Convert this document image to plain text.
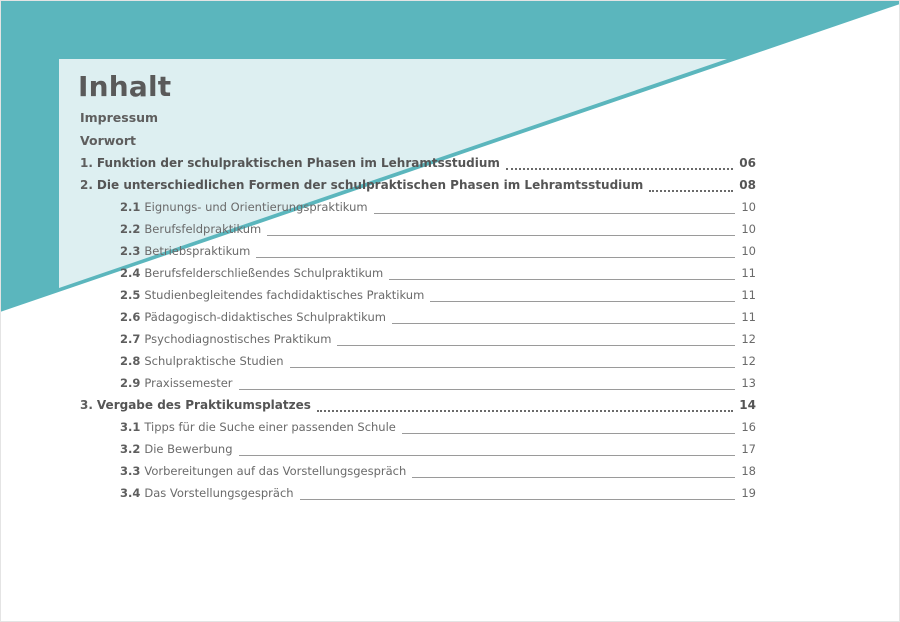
Inhalt
Impressum
Vorwort
1. Funktion der schulpraktischen Phasen im Lehramtsstudium	06
2. Die unterschiedlichen Formen der schulpraktischen Phasen im Lehramtsstudium	08
2.1 Eignungs- und Orientierungspraktikum	10
2.2 Berufsfeldpraktikum	10
2.3 Betriebspraktikum	10
2.4 Berufsfelderschließendes Schulpraktikum	11
2.5 Studienbegleitendes fachdidaktisches Praktikum	11
2.6 Pädagogisch-didaktisches Schulpraktikum	11
2.7 Psychodiagnostisches Praktikum	12
2.8 Schulpraktische Studien	12
2.9 Praxissemester	13
3. Vergabe des Praktikumsplatzes	14
3.1 Tipps für die Suche einer passenden Schule	16
3.2 Die Bewerbung	17
3.3 Vorbereitungen auf das Vorstellungsgespräch	18
3.4 Das Vorstellungsgespräch	19
